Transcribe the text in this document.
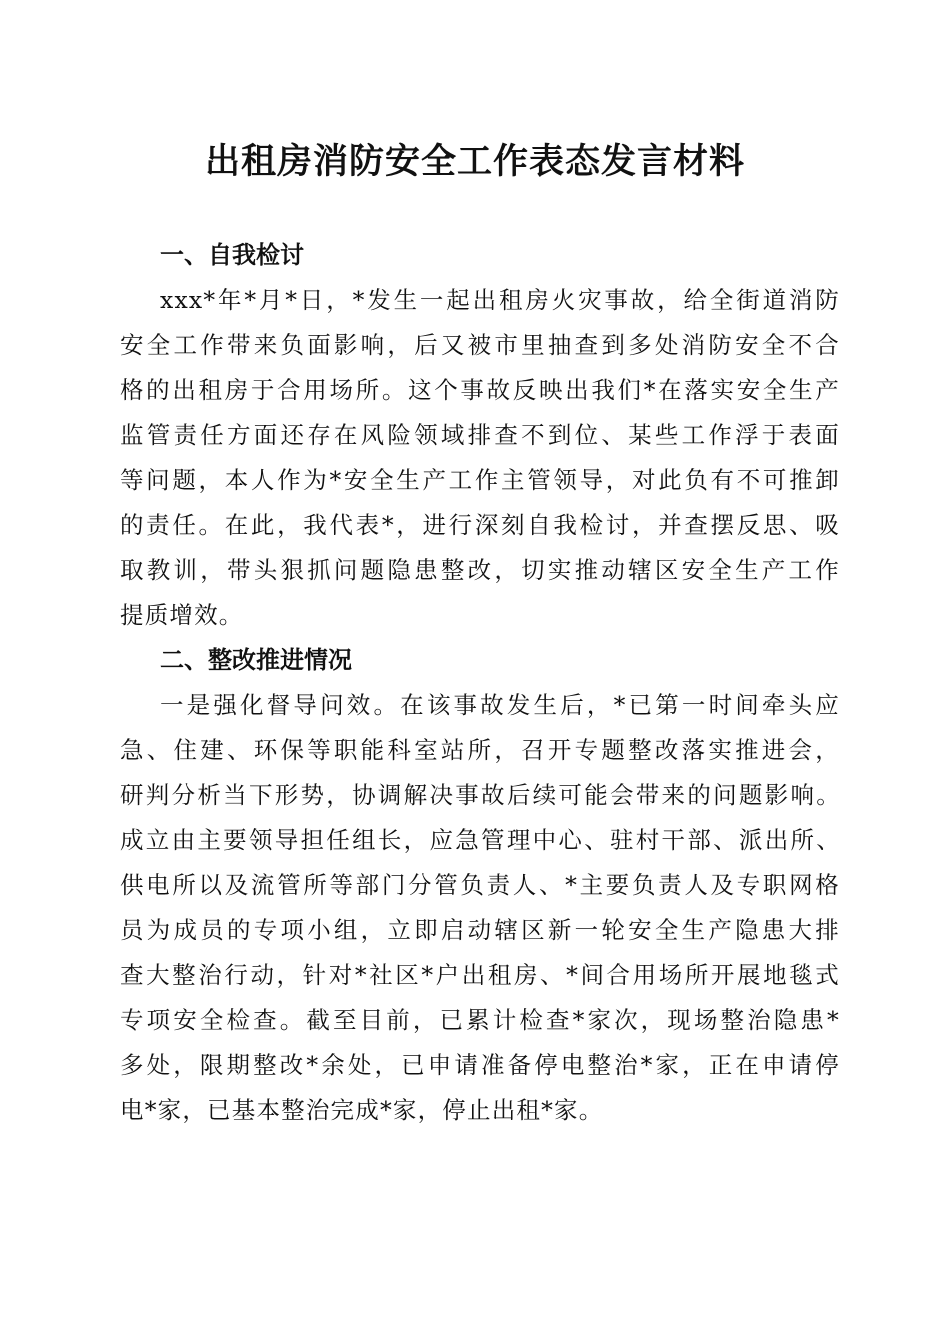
出租房消防安全工作表态发言材料
一、自我检讨
xxx*年*月*日，*发生一起出租房火灾事故，给全街道消防
安全工作带来负面影响，后又被市里抽查到多处消防安全不合
格的出租房于合用场所。这个事故反映出我们*在落实安全生产
监管责任方面还存在风险领域排查不到位、某些工作浮于表面
等问题，本人作为*安全生产工作主管领导，对此负有不可推卸
的责任。在此，我代表*，进行深刻自我检讨，并查摆反思、吸
取教训，带头狠抓问题隐患整改，切实推动辖区安全生产工作
提质增效。
二、整改推进情况
一是强化督导问效。在该事故发生后，*已第一时间牵头应
急、住建、环保等职能科室站所，召开专题整改落实推进会，
研判分析当下形势，协调解决事故后续可能会带来的问题影响。
成立由主要领导担任组长，应急管理中心、驻村干部、派出所、
供电所以及流管所等部门分管负责人、*主要负责人及专职网格
员为成员的专项小组，立即启动辖区新一轮安全生产隐患大排
查大整治行动，针对*社区*户出租房、*间合用场所开展地毯式
专项安全检查。截至目前，已累计检查*家次，现场整治隐患*
多处，限期整改*余处，已申请准备停电整治*家，正在申请停
电*家，已基本整治完成*家，停止出租*家。
